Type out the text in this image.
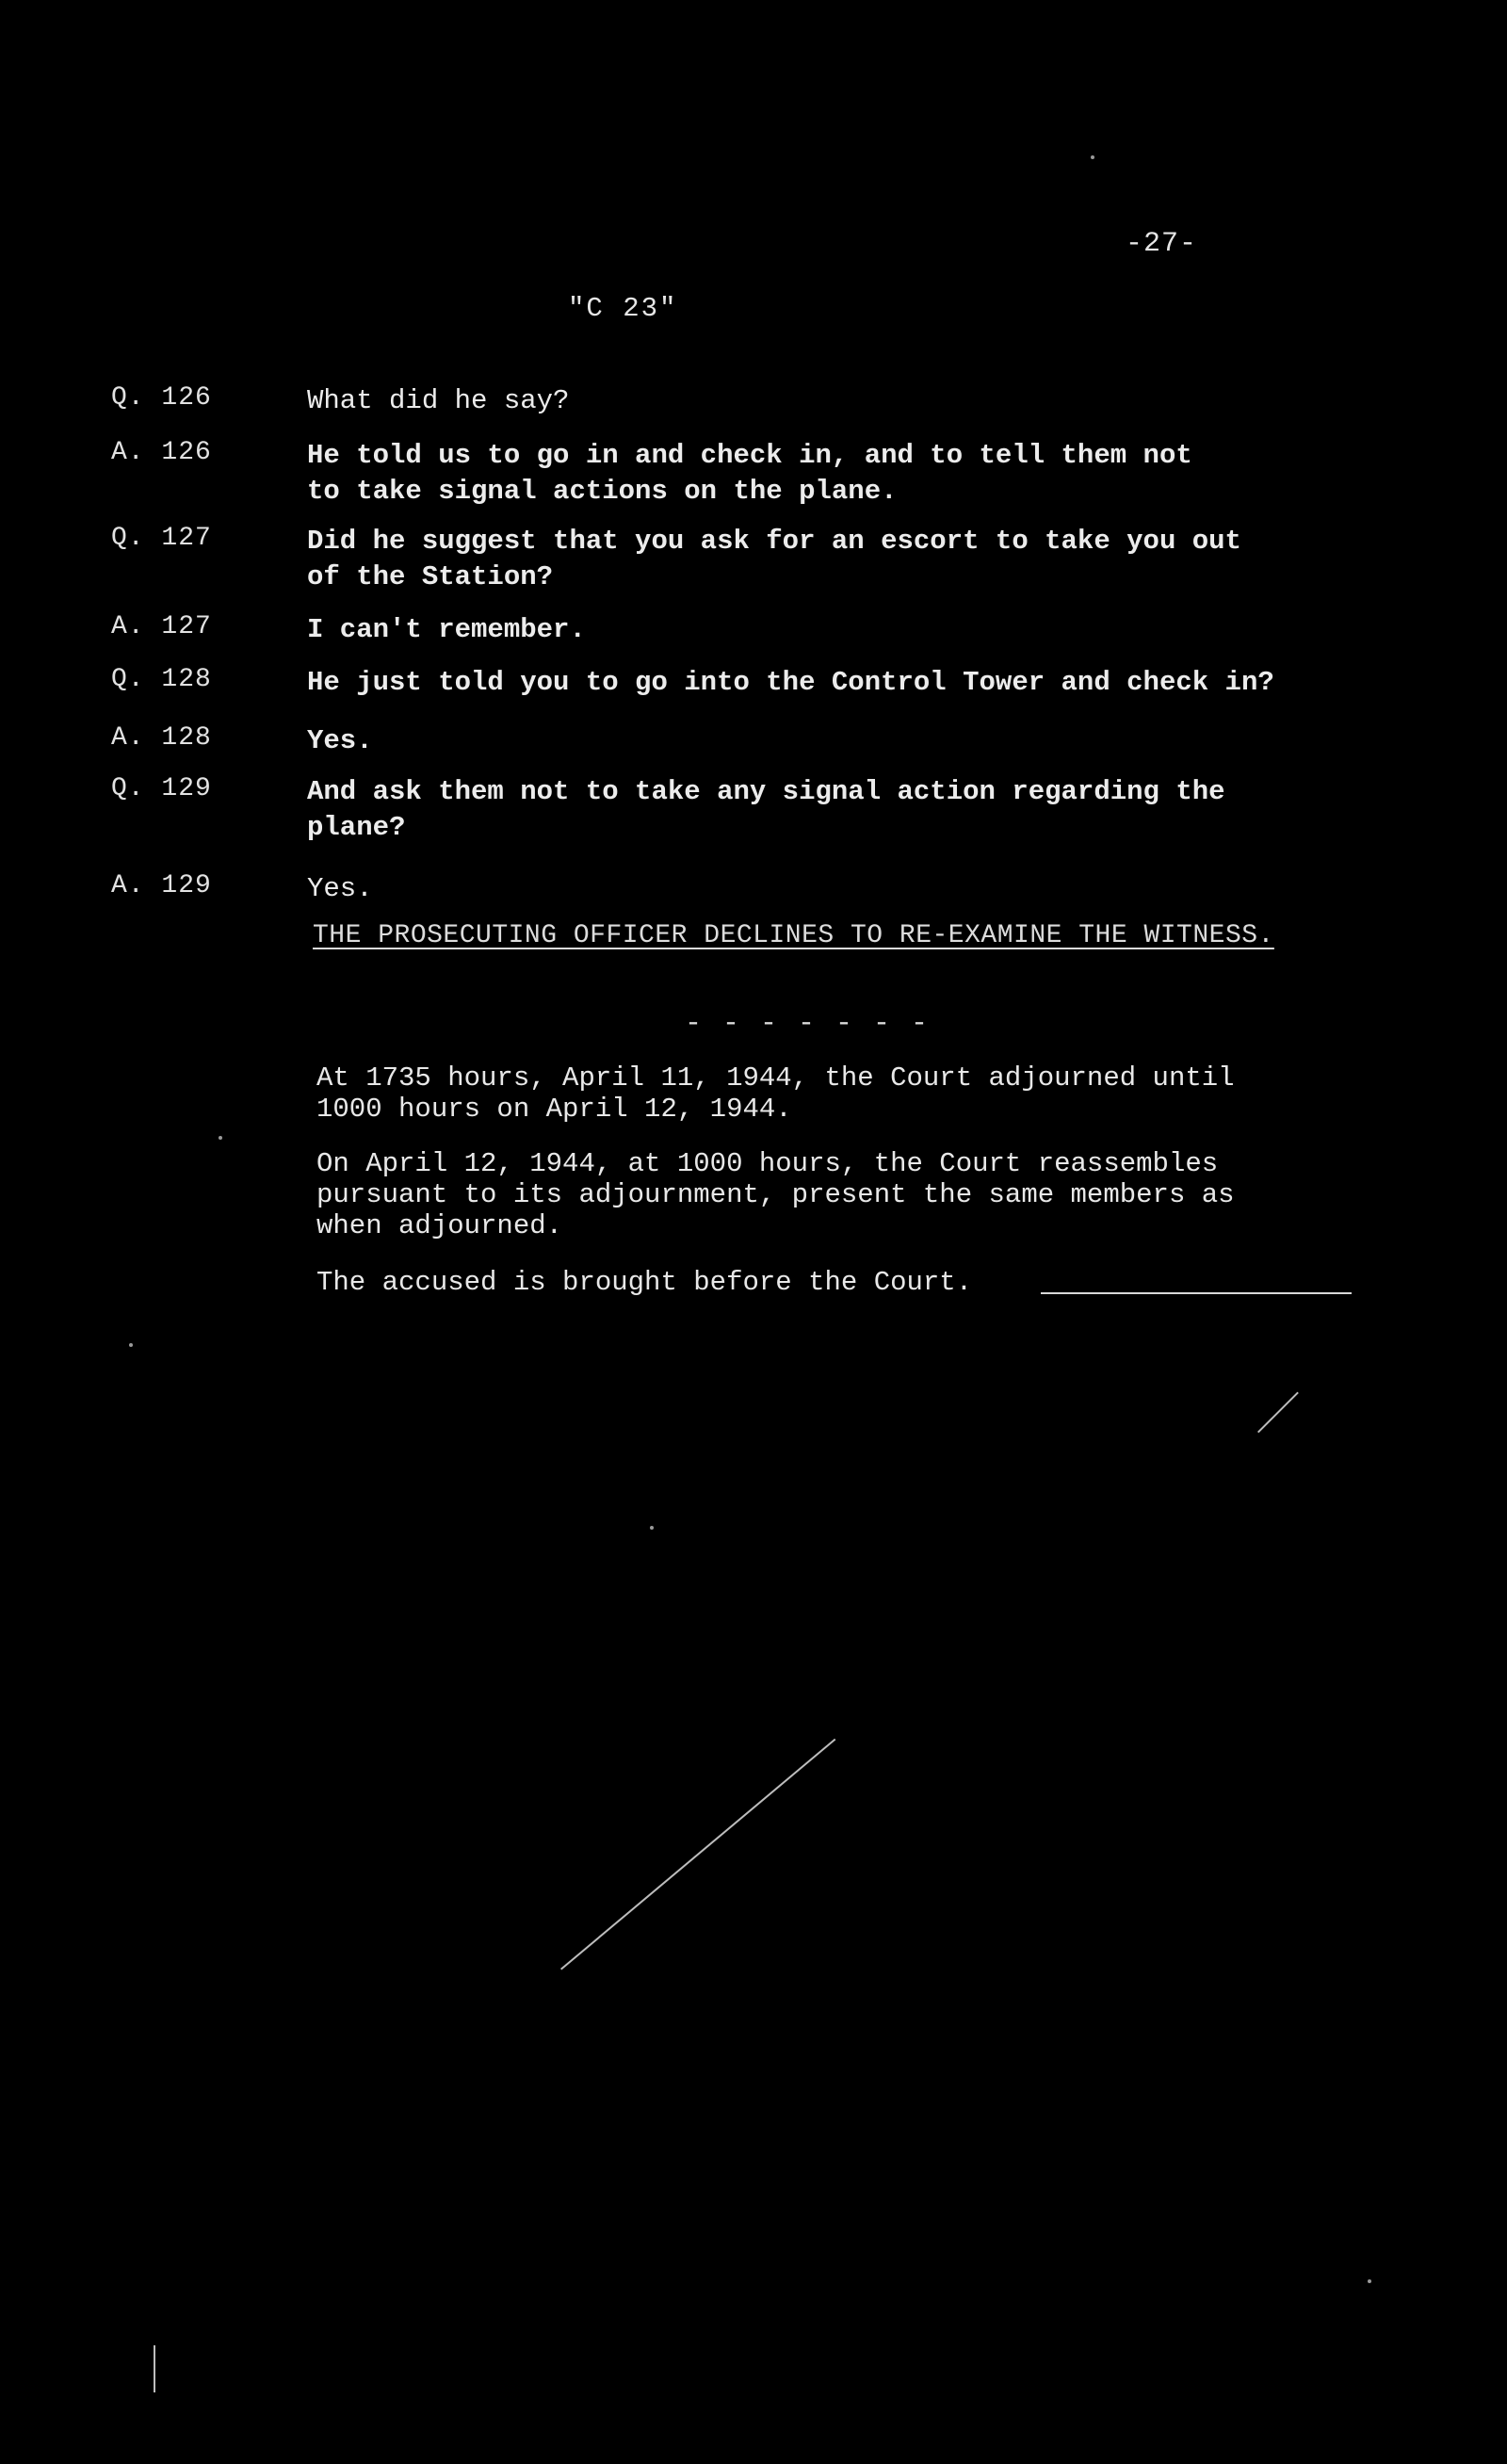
-27-
"C 23"
Q. 126	What did he say?
A. 126	He told us to go in and check in, and to tell them not
to take signal actions on the plane.
Q. 127	Did he suggest that you ask for an escort to take you out
of the Station?
A. 127	I can't remember.
Q. 128	He just told you to go into the Control Tower and check in?
A. 128	Yes.
Q. 129	And ask them not to take any signal action regarding the
plane?
A. 129	Yes.
THE PROSECUTING OFFICER DECLINES TO RE-EXAMINE THE WITNESS.
- - - - - - -
At 1735 hours, April 11, 1944, the Court adjourned until
1000 hours on April 12, 1944.
On April 12, 1944, at 1000 hours, the Court reassembles
pursuant to its adjournment, present the same members as
when adjourned.
The accused is brought before the Court.
